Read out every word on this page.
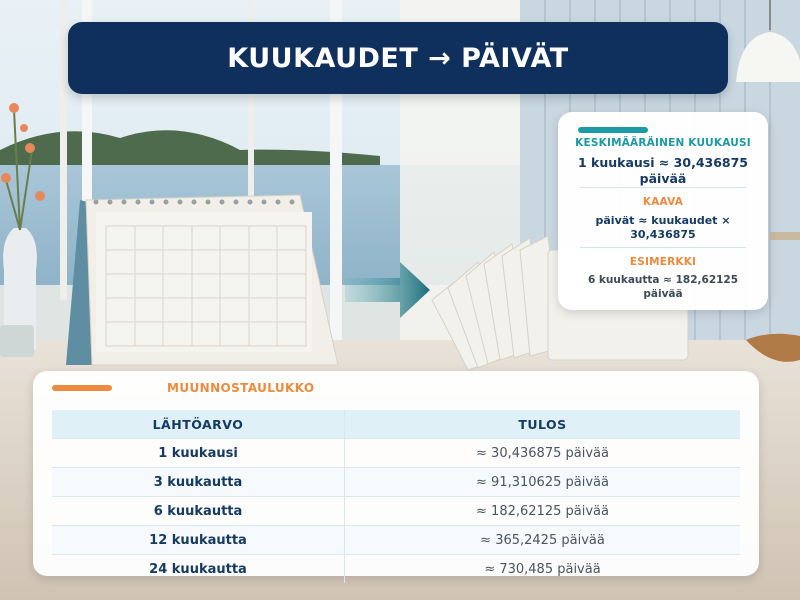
KUUKAUDET → PÄIVÄT
KESKIMÄÄRÄINEN KUUKAUSI
1 kuukausi ≈ 30,436875 päivää
KAAVA
päivät ≈ kuukaudet × 30,436875
ESIMERKKI
6 kuukautta ≈ 182,62125 päivää
MUUNNOSTAULUKKO
LÄHTÖARVO	TULOS
1 kuukausi	≈ 30,436875 päivää
3 kuukautta	≈ 91,310625 päivää
6 kuukautta	≈ 182,62125 päivää
12 kuukautta	≈ 365,2425 päivää
24 kuukautta	≈ 730,485 päivää
